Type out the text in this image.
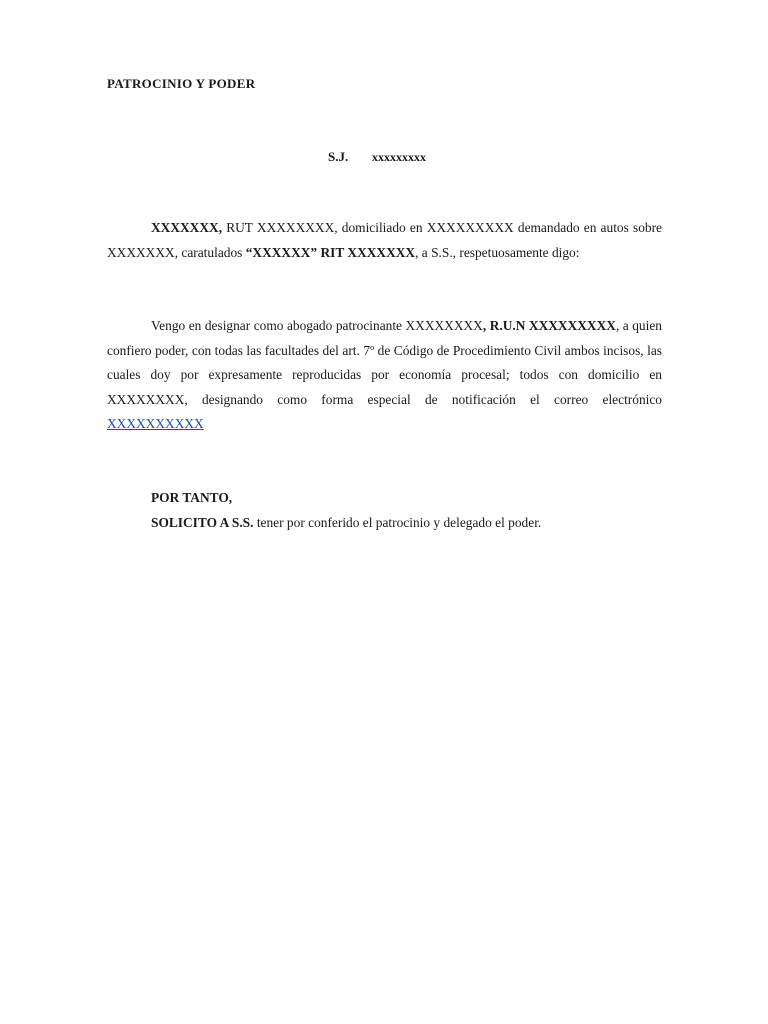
PATROCINIO Y PODER
S.J. xxxxxxxxx
XXXXXXX, RUT XXXXXXXX, domiciliado en XXXXXXXXX demandado en autos sobre XXXXXXX, caratulados “XXXXXX” RIT XXXXXXX, a S.S., respetuosamente digo:
Vengo en designar como abogado patrocinante XXXXXXXX, R.U.N XXXXXXXXX, a quien confiero poder, con todas las facultades del art. 7º de Código de Procedimiento Civil ambos incisos, las cuales doy por expresamente reproducidas por economía procesal; todos con domicilio en XXXXXXXX, designando como forma especial de notificación el correo electrónico XXXXXXXXXX
POR TANTO,
SOLICITO A S.S. tener por conferido el patrocinio y delegado el poder.
